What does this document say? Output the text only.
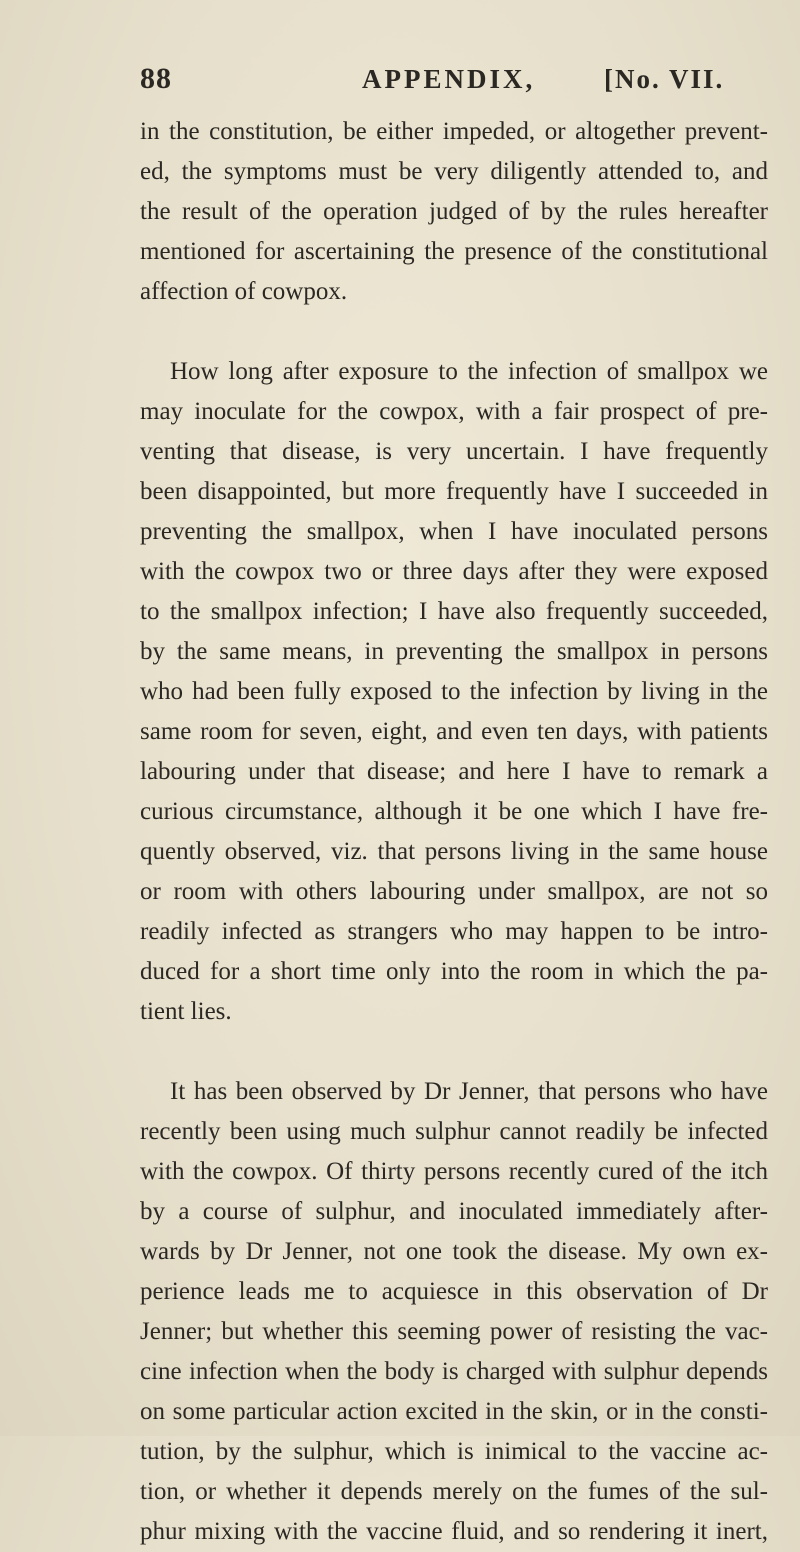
88	APPENDIX,	[No. VII.

in the constitution, be either impeded, or altogether prevent-
ed, the symptoms must be very diligently attended to, and
the result of the operation judged of by the rules hereafter
mentioned for ascertaining the presence of the constitutional
affection of cowpox.

How long after exposure to the infection of smallpox we
may inoculate for the cowpox, with a fair prospect of pre-
venting that disease, is very uncertain. I have frequently
been disappointed, but more frequently have I succeeded in
preventing the smallpox, when I have inoculated persons
with the cowpox two or three days after they were exposed
to the smallpox infection; I have also frequently succeeded,
by the same means, in preventing the smallpox in persons
who had been fully exposed to the infection by living in the
same room for seven, eight, and even ten days, with patients
labouring under that disease; and here I have to remark a
curious circumstance, although it be one which I have fre-
quently observed, viz. that persons living in the same house
or room with others labouring under smallpox, are not so
readily infected as strangers who may happen to be intro-
duced for a short time only into the room in which the pa-
tient lies.

It has been observed by Dr Jenner, that persons who have
recently been using much sulphur cannot readily be infected
with the cowpox. Of thirty persons recently cured of the itch
by a course of sulphur, and inoculated immediately after-
wards by Dr Jenner, not one took the disease. My own ex-
perience leads me to acquiesce in this observation of Dr
Jenner; but whether this seeming power of resisting the vac-
cine infection when the body is charged with sulphur depends
on some particular action excited in the skin, or in the consti-
tution, by the sulphur, which is inimical to the vaccine ac-
tion, or whether it depends merely on the fumes of the sul-
phur mixing with the vaccine fluid, and so rendering it inert,
